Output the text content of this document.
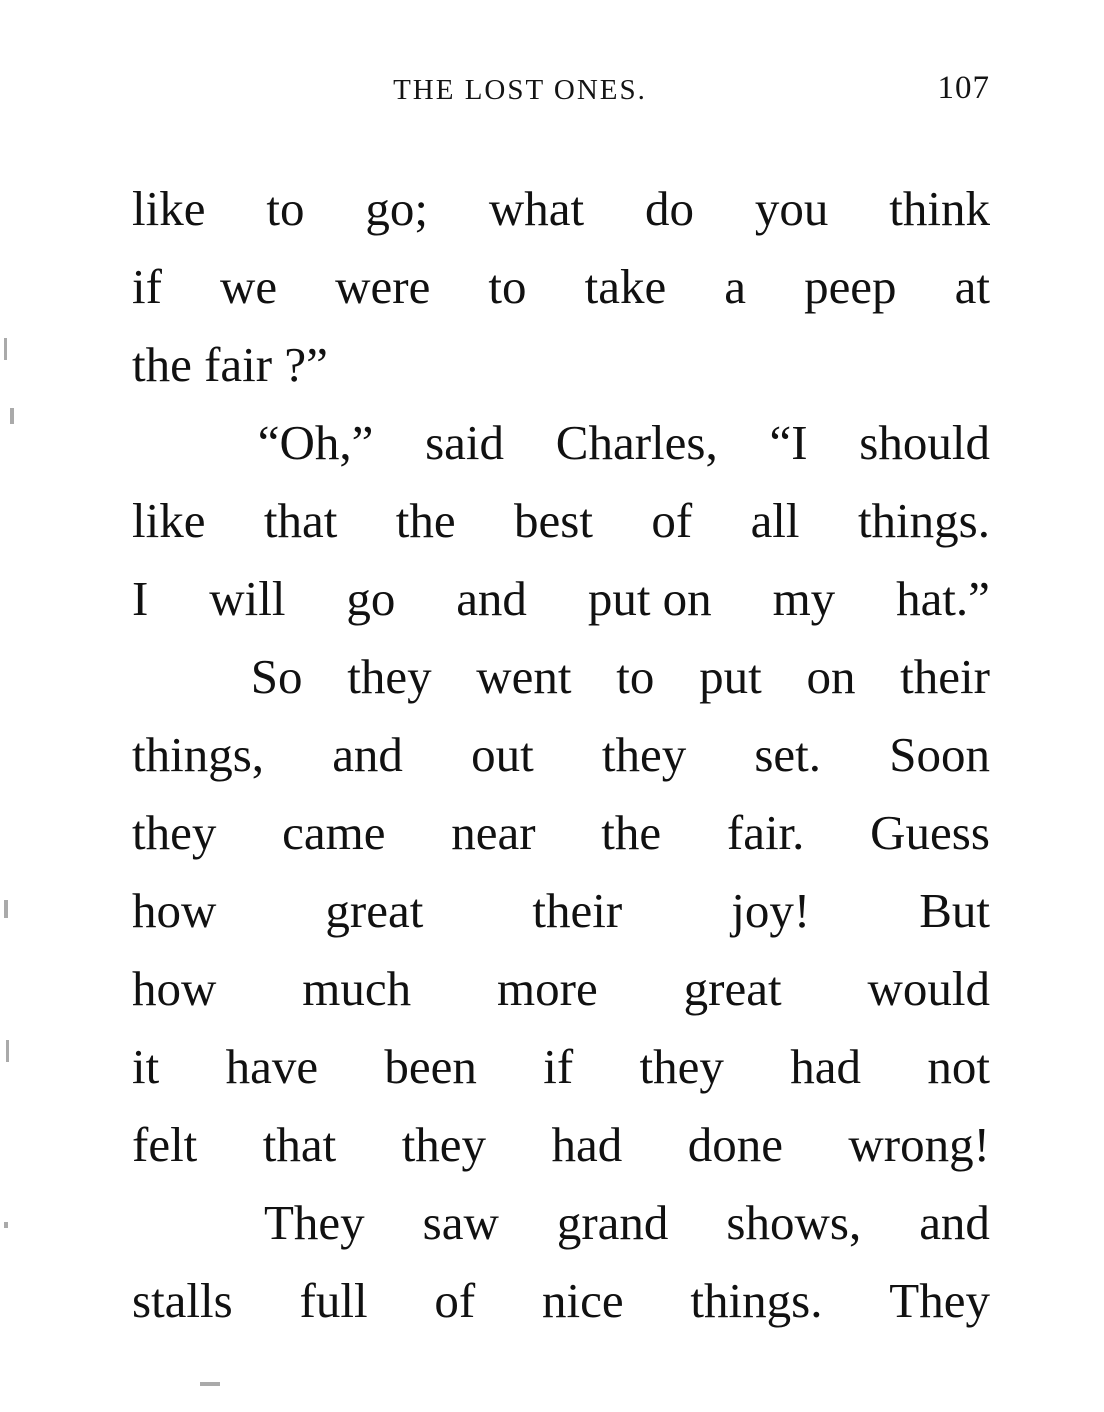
THE LOST ONES.	107
like to go; what do you think
if we were to take a peep at
the fair ?”
“Oh,” said Charles, “I should
like that the best of all things.
I will go and put on my hat.”
So they went to put on their
things, and out they set. Soon
they came near the fair. Guess
how great their joy! But
how much more great would
it have been if they had not
felt that they had done wrong!
They saw grand shows, and
stalls full of nice things. They
